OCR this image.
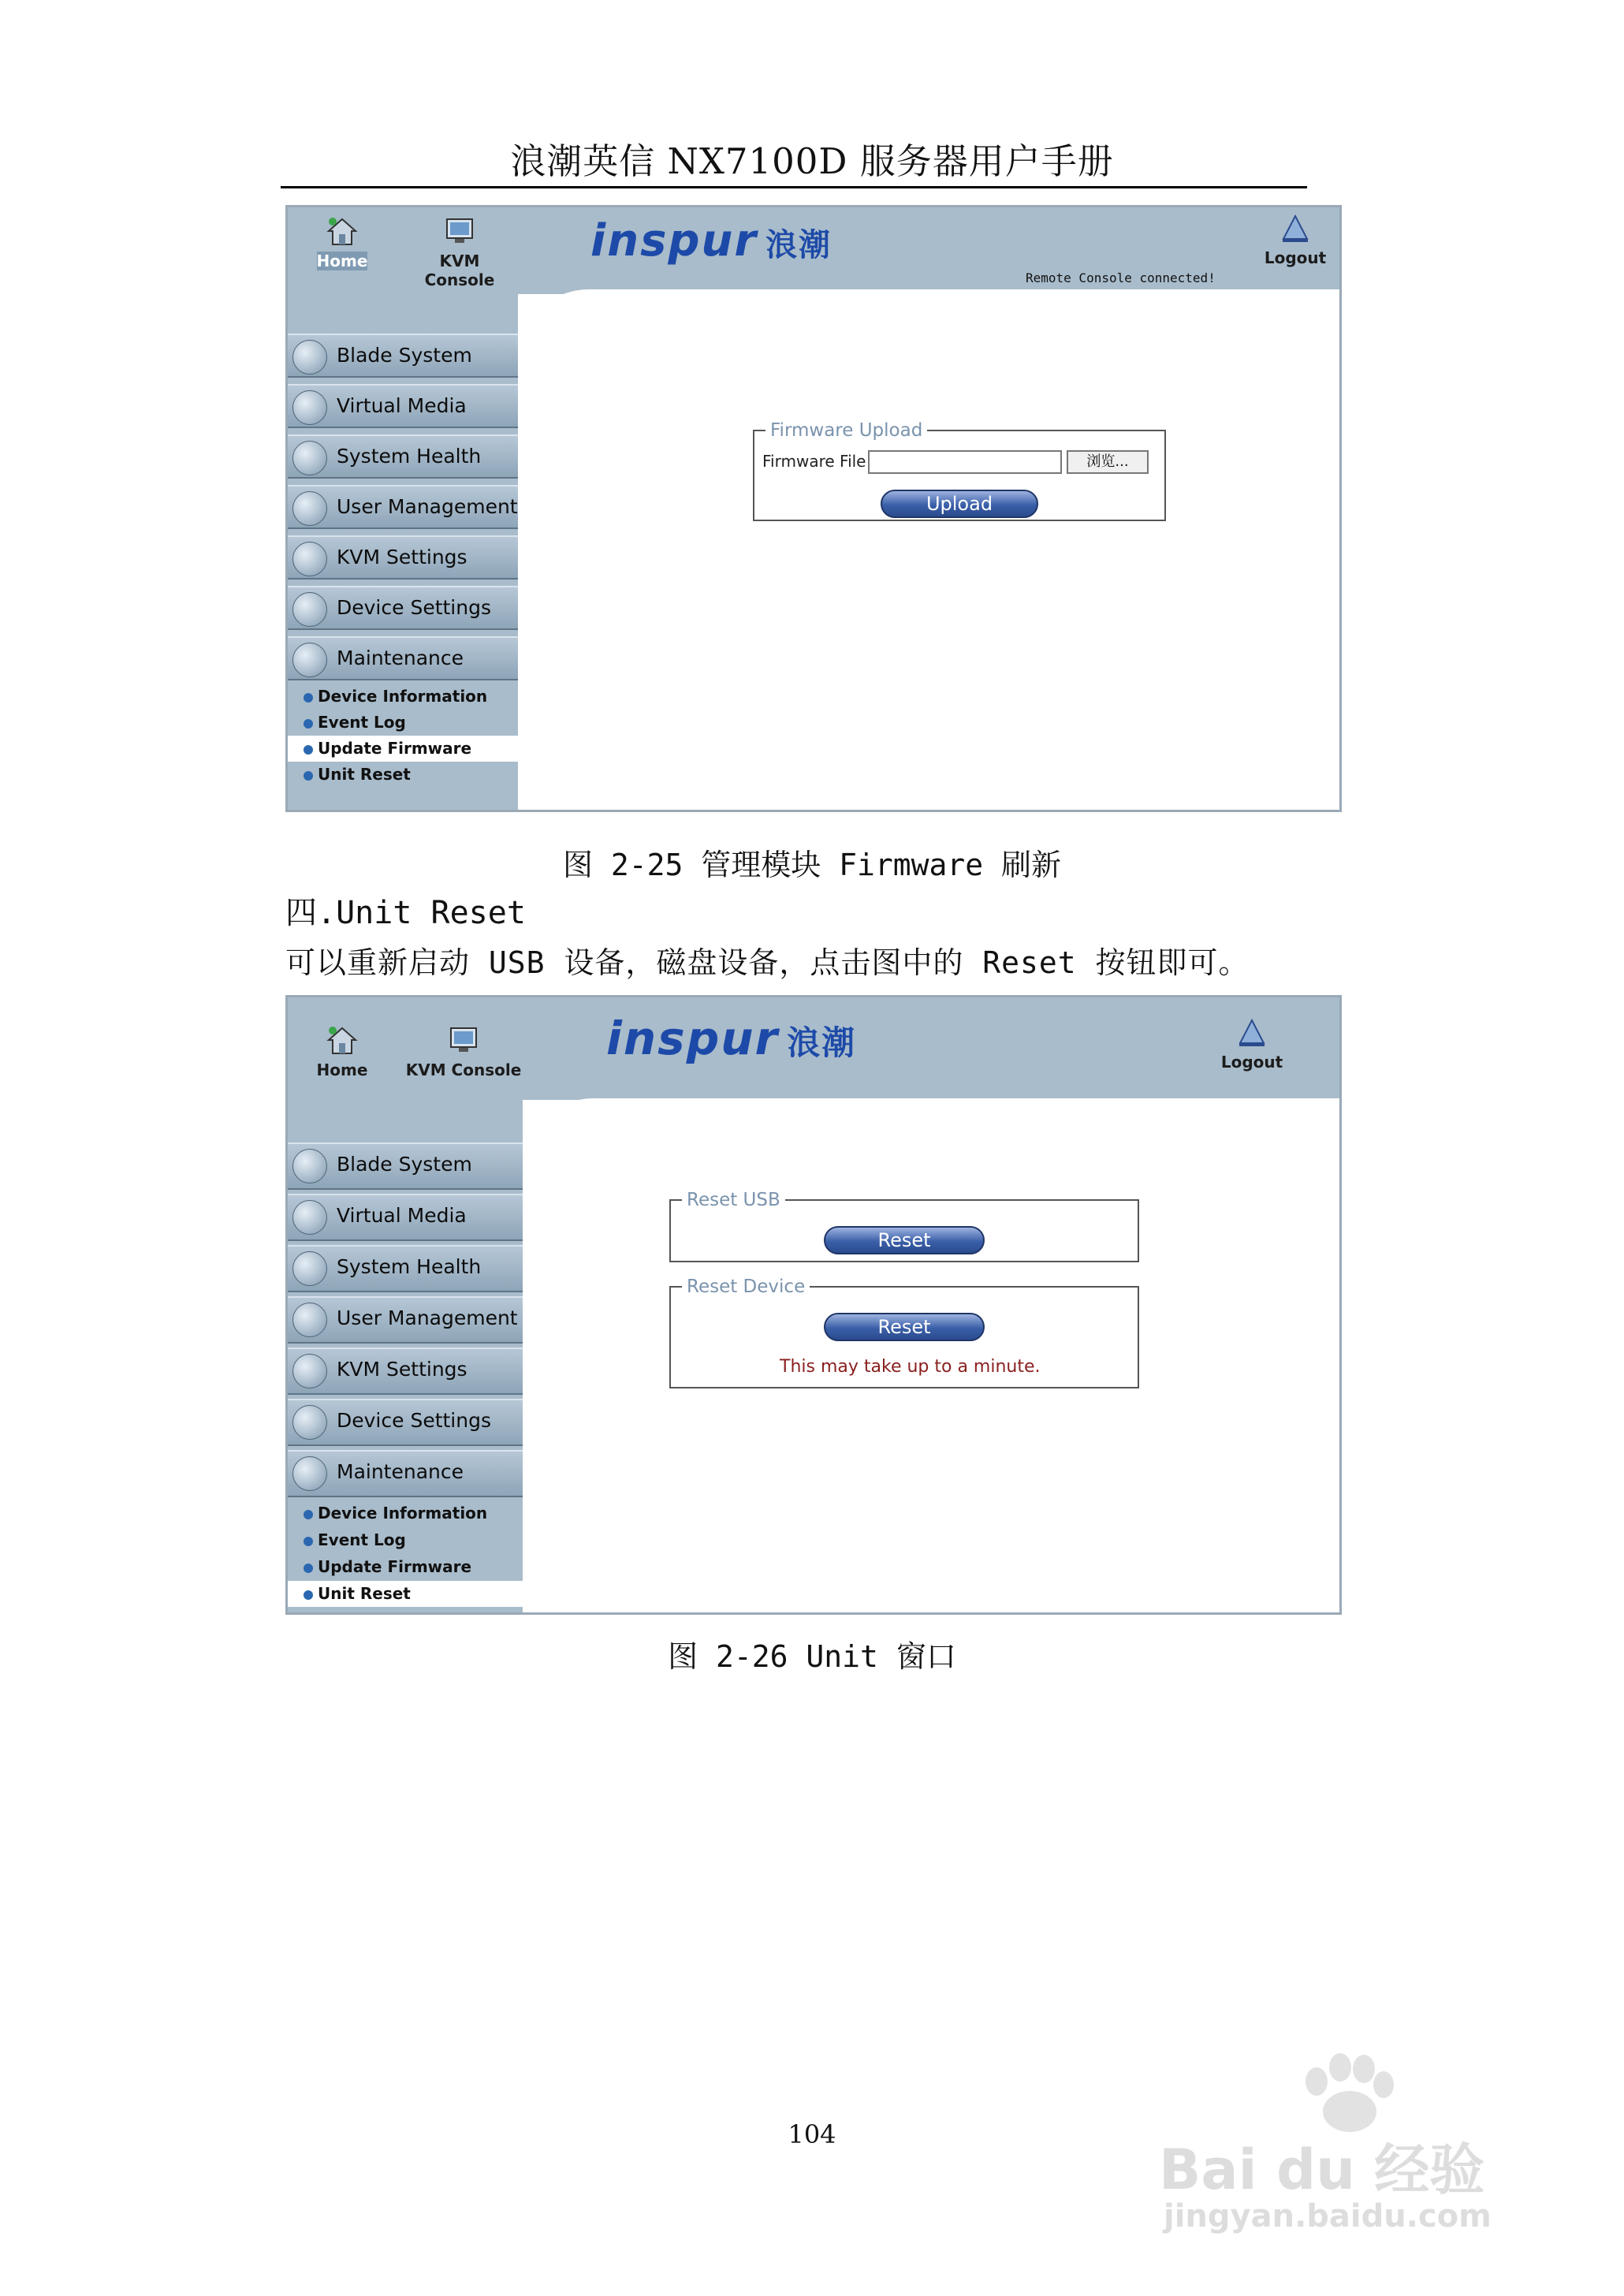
浪潮英信 NX7100D 服务器用户手册
Home	KVM Console
inspur 浪潮
Remote Console connected!
Logout
Blade System
Virtual Media
System Health
User Management
KVM Settings
Device Settings
Maintenance
Device Information
Event Log
Update Firmware
Unit Reset
Firmware Upload
Firmware File	浏览...
Upload
图 2-25 管理模块 Firmware 刷新
四.Unit Reset
可以重新启动 USB 设备，磁盘设备，点击图中的 Reset 按钮即可。
Home KVM Console
inspur 浪潮	Logout
Blade System
Virtual Media
System Health
User Management
KVM Settings
Device Settings
Maintenance
Device Information
Event Log
Update Firmware
Unit Reset
Reset USB
Reset
Reset Device
Reset
This may take up to a minute.
图 2-26 Unit 窗口
104
Bai du 经验
jingyan.baidu.com
